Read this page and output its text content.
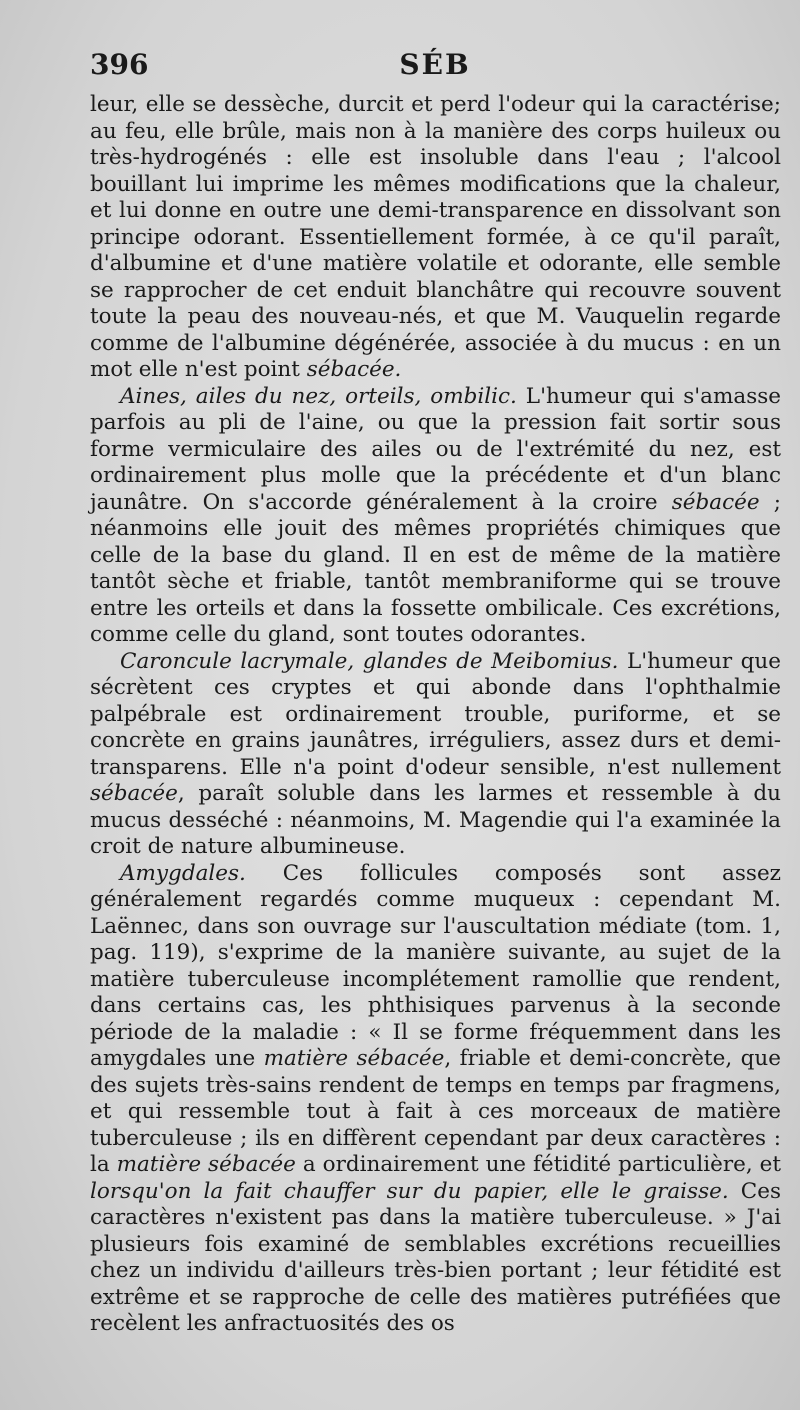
396	SÉB

leur, elle se dessèche, durcit et perd l'odeur qui la caractérise; au feu, elle brûle, mais non à la manière des corps huileux ou très-hydrogénés : elle est insoluble dans l'eau ; l'alcool bouillant lui imprime les mêmes modifications que la chaleur, et lui donne en outre une demi-transparence en dissolvant son principe odorant. Essentiellement formée, à ce qu'il paraît, d'albumine et d'une matière volatile et odorante, elle semble se rapprocher de cet enduit blanchâtre qui recouvre souvent toute la peau des nouveau-nés, et que M. Vauquelin regarde comme de l'albumine dégénérée, associée à du mucus : en un mot elle n'est point sébacée.

Aines, ailes du nez, orteils, ombilic. L'humeur qui s'amasse parfois au pli de l'aine, ou que la pression fait sortir sous forme vermiculaire des ailes ou de l'extrémité du nez, est ordinairement plus molle que la précédente et d'un blanc jaunâtre. On s'accorde généralement à la croire sébacée ; néanmoins elle jouit des mêmes propriétés chimiques que celle de la base du gland. Il en est de même de la matière tantôt sèche et friable, tantôt membraniforme qui se trouve entre les orteils et dans la fossette ombilicale. Ces excrétions, comme celle du gland, sont toutes odorantes.

Caroncule lacrymale, glandes de Meibomius. L'humeur que sécrètent ces cryptes et qui abonde dans l'ophthalmie palpébrale est ordinairement trouble, puriforme, et se concrète en grains jaunâtres, irréguliers, assez durs et demi-transparens. Elle n'a point d'odeur sensible, n'est nullement sébacée, paraît soluble dans les larmes et ressemble à du mucus desséché : néanmoins, M. Magendie qui l'a examinée la croit de nature albumineuse.

Amygdales. Ces follicules composés sont assez généralement regardés comme muqueux : cependant M. Laënnec, dans son ouvrage sur l'auscultation médiate (tom. 1, pag. 119), s'exprime de la manière suivante, au sujet de la matière tuberculeuse incomplétement ramollie que rendent, dans certains cas, les phthisiques parvenus à la seconde période de la maladie : « Il se forme fréquemment dans les amygdales une matière sébacée, friable et demi-concrète, que des sujets très-sains rendent de temps en temps par fragmens, et qui ressemble tout à fait à ces morceaux de matière tuberculeuse ; ils en diffèrent cependant par deux caractères : la matière sébacée a ordinairement une fétidité particulière, et lorsqu'on la fait chauffer sur du papier, elle le graisse. Ces caractères n'existent pas dans la matière tuberculeuse. » J'ai plusieurs fois examiné de semblables excrétions recueillies chez un individu d'ailleurs très-bien portant ; leur fétidité est extrême et se rapproche de celle des matières putréfiées que recèlent les anfractuosités des os
